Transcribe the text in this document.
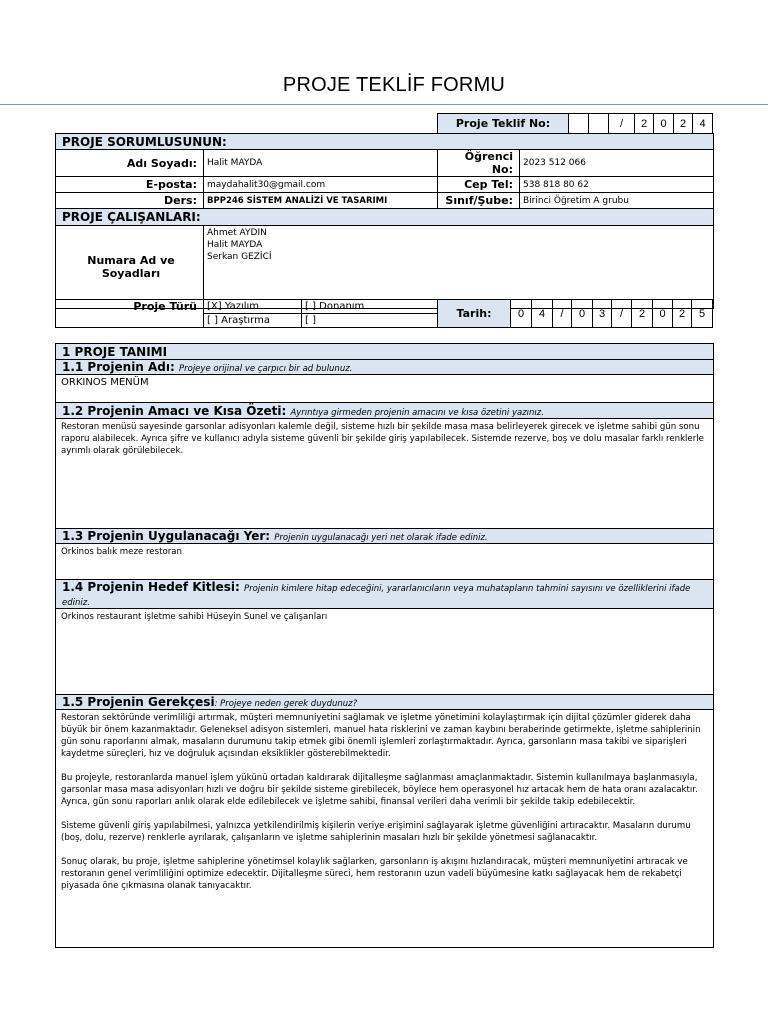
PROJE TEKLİF FORMU
Proje Teklif No:			/	2	0	2	4
PROJE SORUMLUSUNUN:			
Adı Soyadı:	Halit MAYDA	Öğrenci No:	2023 512 066
E-posta:	maydahalit30@gmail.com	Cep Tel:	538 818 80 62
Ders:	BPP246 SİSTEM ANALİZİ VE TASARIMI	Sınıf/Şube:	Birinci Öğretim A grubu
PROJE ÇALIŞANLARI:			
Numara Ad ve Soyadları	Ahmet AYDIN
Halit MAYDA
Serkan GEZİCİ		
Proje Türü	[X] Yazılım	[ ] Donanım
	[ ] Araştırma	[ ]
Tarih:	0	4	/	0	3	/	2	0	2	5
1 PROJE TANIMI
1.1 Projenin Adı: Projeye orijinal ve çarpıcı bir ad bulunuz.
ORKINOS MENÜM
1.2 Projenin Amacı ve Kısa Özeti: Ayrıntıya girmeden projenin amacını ve kısa özetini yazınız.
Restoran menüsü sayesinde garsonlar adisyonları kalemle değil, sisteme hızlı bir şekilde masa masa belirleyerek girecek ve işletme sahibi gün sonu raporu alabilecek. Ayrıca şifre ve kullanıcı adıyla sisteme güvenli bir şekilde giriş yapılabilecek. Sistemde rezerve, boş ve dolu masalar farklı renklerle ayrımlı olarak görülebilecek.
1.3 Projenin Uygulanacağı Yer: Projenin uygulanacağı yeri net olarak ifade ediniz.
Orkinos balık meze restoran
1.4 Projenin Hedef Kitlesi: Projenin kimlere hitap edeceğini, yararlanıcıların veya muhatapların tahmini sayısını ve özelliklerini ifade ediniz.
Orkinos restaurant işletme sahibi Hüseyin Sunel ve çalışanları
1.5 Projenin Gerekçesi: Projeye neden gerek duydunuz?
Restoran sektöründe verimliliği artırmak, müşteri memnuniyetini sağlamak ve işletme yönetimini kolaylaştırmak için dijital çözümler giderek daha büyük bir önem kazanmaktadır. Geleneksel adisyon sistemleri, manuel hata risklerini ve zaman kaybını beraberinde getirmekte, işletme sahiplerinin gün sonu raporlarını almak, masaların durumunu takip etmek gibi önemli işlemleri zorlaştırmaktadır. Ayrıca, garsonların masa takibi ve siparişleri kaydetme süreçleri, hız ve doğruluk açısından eksiklikler gösterebilmektedir.

Bu projeyle, restoranlarda manuel işlem yükünü ortadan kaldırarak dijitalleşme sağlanması amaçlanmaktadır. Sistemin kullanılmaya başlanmasıyla, garsonlar masa masa adisyonları hızlı ve doğru bir şekilde sisteme girebilecek, böylece hem operasyonel hız artacak hem de hata oranı azalacaktır. Ayrıca, gün sonu raporları anlık olarak elde edilebilecek ve işletme sahibi, finansal verileri daha verimli bir şekilde takip edebilecektir.

Sisteme güvenli giriş yapılabilmesi, yalnızca yetkilendirilmiş kişilerin veriye erişimini sağlayarak işletme güvenliğini artıracaktır. Masaların durumu (boş, dolu, rezerve) renklerle ayrılarak, çalışanların ve işletme sahiplerinin masaları hızlı bir şekilde yönetmesi sağlanacaktır.

Sonuç olarak, bu proje, işletme sahiplerine yönetimsel kolaylık sağlarken, garsonların iş akışını hızlandıracak, müşteri memnuniyetini artıracak ve restoranın genel verimliliğini optimize edecektir. Dijitalleşme süreci, hem restoranın uzun vadeli büyümesine katkı sağlayacak hem de rekabetçi piyasada öne çıkmasına olanak tanıyacaktır.
